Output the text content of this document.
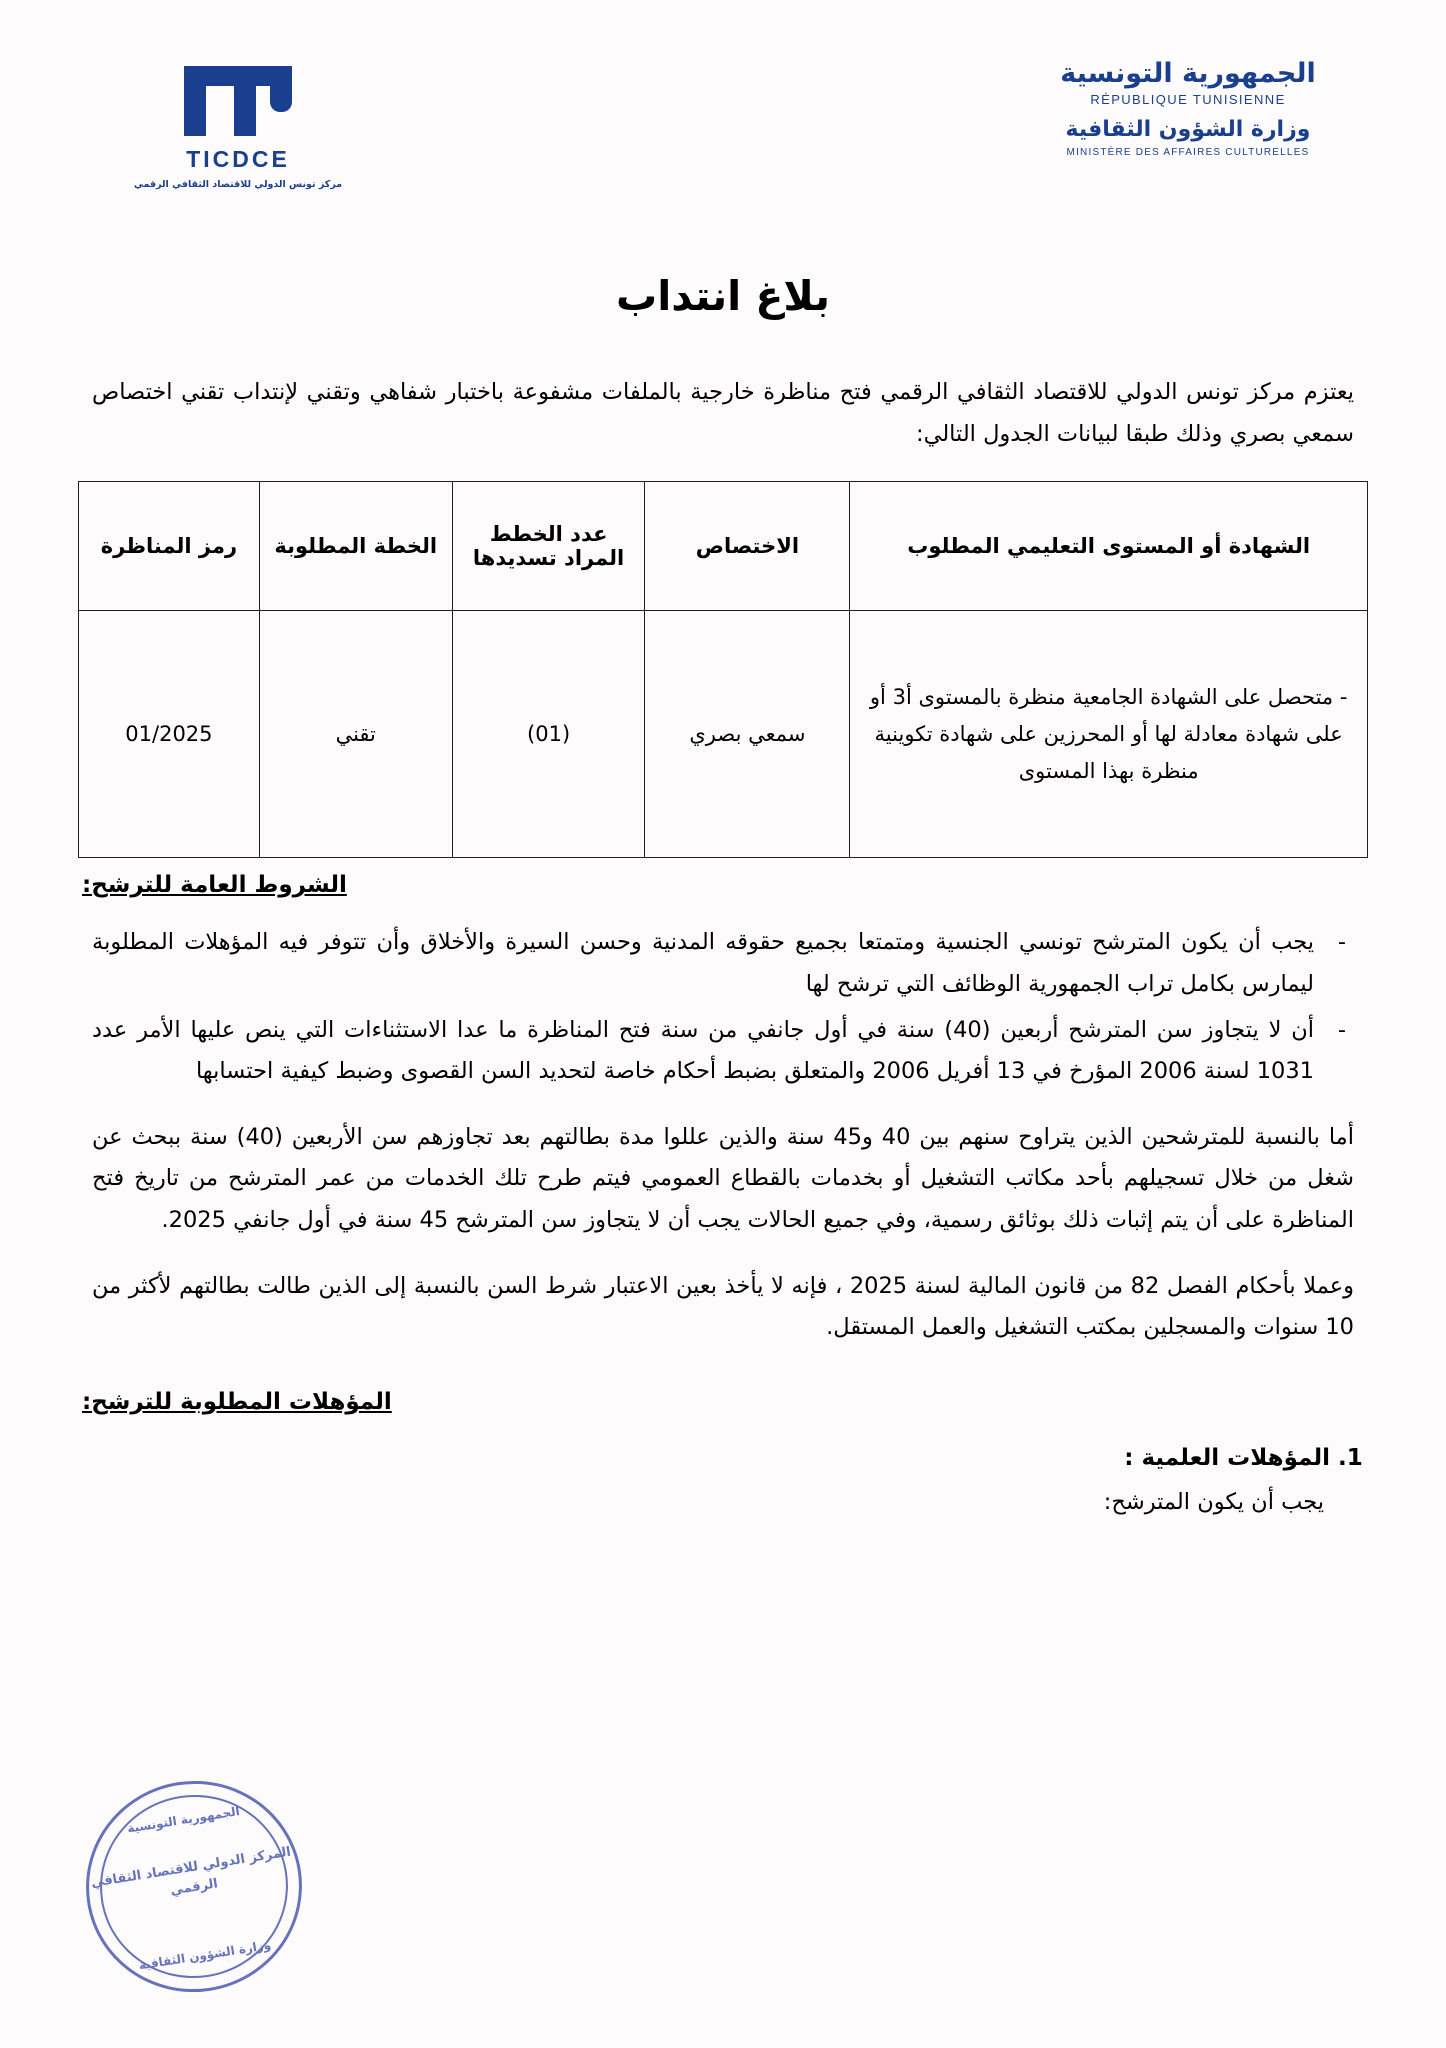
TICDCE
مركز تونس الدولي للاقتصاد الثقافي الرقمي
الجمهورية التونسية
RÉPUBLIQUE TUNISIENNE
وزارة الشؤون الثقافية
MINISTÈRE DES AFFAIRES CULTURELLES
بلاغ انتداب
يعتزم مركز تونس الدولي للاقتصاد الثقافي الرقمي فتح مناظرة خارجية بالملفات مشفوعة باختبار شفاهي وتقني لإنتداب تقني اختصاص سمعي بصري وذلك طبقا لبيانات الجدول التالي:
الشهادة أو المستوى التعليمي المطلوب	الاختصاص	عدد الخطط المراد تسديدها	الخطة المطلوبة	رمز المناظرة
- متحصل على الشهادة الجامعية منظرة بالمستوى أ3 أو على شهادة معادلة لها أو المحرزين على شهادة تكوينية منظرة بهذا المستوى	سمعي بصري	(01)	تقني	01/2025
الشروط العامة للترشح:
- يجب أن يكون المترشح تونسي الجنسية ومتمتعا بجميع حقوقه المدنية وحسن السيرة والأخلاق وأن تتوفر فيه المؤهلات المطلوبة ليمارس بكامل تراب الجمهورية الوظائف التي ترشح لها
- أن لا يتجاوز سن المترشح أربعين (40) سنة في أول جانفي من سنة فتح المناظرة ما عدا الاستثناءات التي ينص عليها الأمر عدد 1031 لسنة 2006 المؤرخ في 13 أفريل 2006 والمتعلق بضبط أحكام خاصة لتحديد السن القصوى وضبط كيفية احتسابها

أما بالنسبة للمترشحين الذين يتراوح سنهم بين 40 و45 سنة والذين عللوا مدة بطالتهم بعد تجاوزهم سن الأربعين (40) سنة ببحث عن شغل من خلال تسجيلهم بأحد مكاتب التشغيل أو بخدمات بالقطاع العمومي فيتم طرح تلك الخدمات من عمر المترشح من تاريخ فتح المناظرة على أن يتم إثبات ذلك بوثائق رسمية، وفي جميع الحالات يجب أن لا يتجاوز سن المترشح 45 سنة في أول جانفي 2025.

وعملا بأحكام الفصل 82 من قانون المالية لسنة 2025 ، فإنه لا يأخذ بعين الاعتبار شرط السن بالنسبة إلى الذين طالت بطالتهم لأكثر من 10 سنوات والمسجلين بمكتب التشغيل والعمل المستقل.

المؤهلات المطلوبة للترشح:
1. المؤهلات العلمية :

يجب أن يكون المترشح:

الجمهورية التونسية
المركز الدولي للاقتصاد الثقافي الرقمي
وزارة الشؤون الثقافية
